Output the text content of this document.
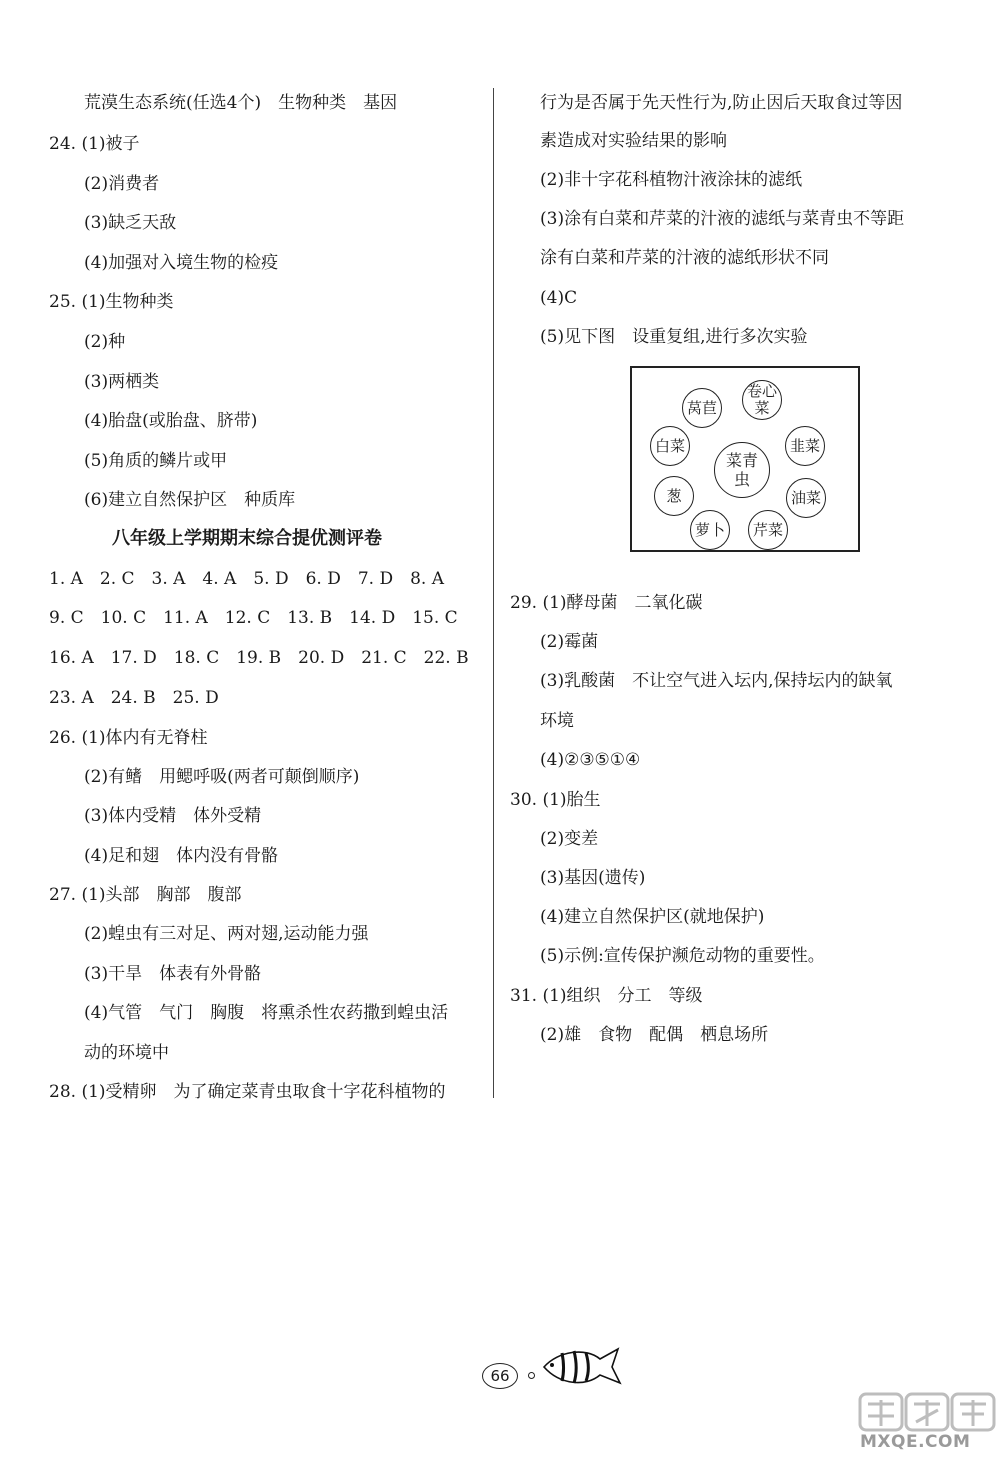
荒漠生态系统(任选4个)　生物种类　基因
24. (1)被子
(2)消费者
(3)缺乏天敌
(4)加强对入境生物的检疫
25. (1)生物种类
(2)种
(3)两栖类
(4)胎盘(或胎盘、脐带)
(5)角质的鳞片或甲
(6)建立自然保护区　种质库
八年级上学期期末综合提优测评卷
1. A　2. C　3. A　4. A　5. D　6. D　7. D　8. A
9. C　10. C　11. A　12. C　13. B　14. D　15. C
16. A　17. D　18. C　19. B　20. D　21. C　22. B
23. A　24. B　25. D
26. (1)体内有无脊柱
(2)有鳍　用鳃呼吸(两者可颠倒顺序)
(3)体内受精　体外受精
(4)足和翅　体内没有骨骼
27. (1)头部　胸部　腹部
(2)蝗虫有三对足、两对翅,运动能力强
(3)干旱　体表有外骨骼
(4)气管　气门　胸腹　将熏杀性农药撒到蝗虫活
动的环境中
28. (1)受精卵　为了确定菜青虫取食十字花科植物的
行为是否属于先天性行为,防止因后天取食过等因
素造成对实验结果的影响
(2)非十字花科植物汁液涂抹的滤纸
(3)涂有白菜和芹菜的汁液的滤纸与菜青虫不等距
涂有白菜和芹菜的汁液的滤纸形状不同
(4)C
(5)见下图　设重复组,进行多次实验
莴苣
卷心菜
白菜	韭菜
菜青虫
葱	油菜
萝卜	芹菜
29. (1)酵母菌　二氧化碳
(2)霉菌
(3)乳酸菌　不让空气进入坛内,保持坛内的缺氧
环境
(4)②③⑤①④
30. (1)胎生
(2)变差
(3)基因(遗传)
(4)建立自然保护区(就地保护)
(5)示例:宣传保护濒危动物的重要性。
31. (1)组织　分工　等级
(2)雄　食物　配偶　栖息场所
66
MXQE.COM
